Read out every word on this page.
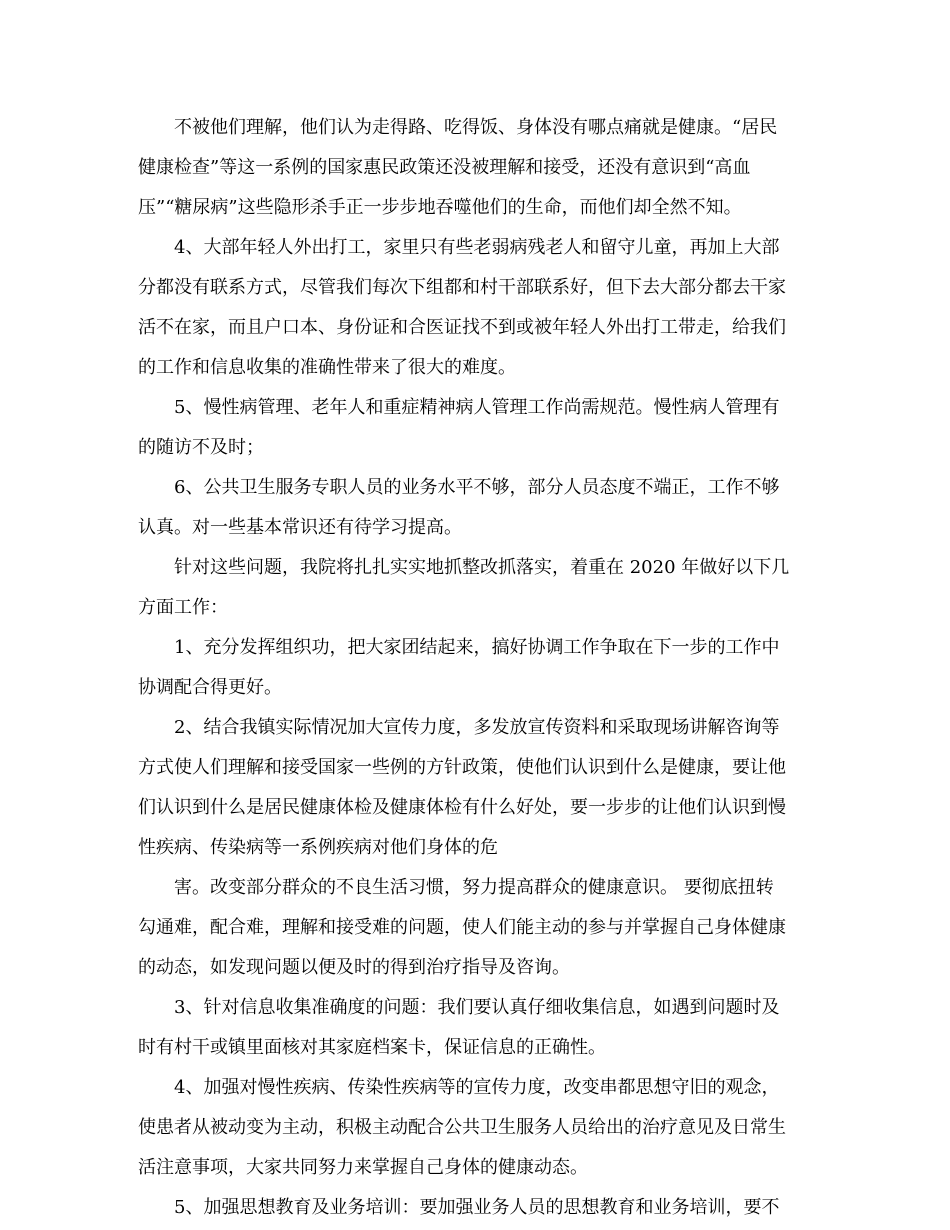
不被他们理解，他们认为走得路、吃得饭、身体没有哪点痛就是健康。“居民
健康检查”等这一系例的国家惠民政策还没被理解和接受，还没有意识到“高血
压”“糖尿病”这些隐形杀手正一步步地吞噬他们的生命，而他们却全然不知。
4、大部年轻人外出打工，家里只有些老弱病残老人和留守儿童，再加上大部
分都没有联系方式，尽管我们每次下组都和村干部联系好，但下去大部分都去干家
活不在家，而且户口本、身份证和合医证找不到或被年轻人外出打工带走，给我们
的工作和信息收集的准确性带来了很大的难度。
5、慢性病管理、老年人和重症精神病人管理工作尚需规范。慢性病人管理有
的随访不及时；
6、公共卫生服务专职人员的业务水平不够，部分人员态度不端正，工作不够
认真。对一些基本常识还有待学习提高。
针对这些问题，我院将扎扎实实地抓整改抓落实，着重在 2020 年做好以下几
方面工作：
1、充分发挥组织功，把大家团结起来，搞好协调工作争取在下一步的工作中
协调配合得更好。
2、结合我镇实际情况加大宣传力度，多发放宣传资料和采取现场讲解咨询等
方式使人们理解和接受国家一些例的方针政策，使他们认识到什么是健康，要让他
们认识到什么是居民健康体检及健康体检有什么好处，要一步步的让他们认识到慢
性疾病、传染病等一系例疾病对他们身体的危
害。改变部分群众的不良生活习惯，努力提高群众的健康意识。 要彻底扭转
勾通难，配合难，理解和接受难的问题，使人们能主动的参与并掌握自己身体健康
的动态，如发现问题以便及时的得到治疗指导及咨询。
3、针对信息收集准确度的问题：我们要认真仔细收集信息，如遇到问题时及
时有村干或镇里面核对其家庭档案卡，保证信息的正确性。
4、加强对慢性疾病、传染性疾病等的宣传力度，改变串都思想守旧的观念，
使患者从被动变为主动，积极主动配合公共卫生服务人员给出的治疗意见及日常生
活注意事项，大家共同努力来掌握自己身体的健康动态。
5、加强思想教育及业务培训：要加强业务人员的思想教育和业务培训，要不
